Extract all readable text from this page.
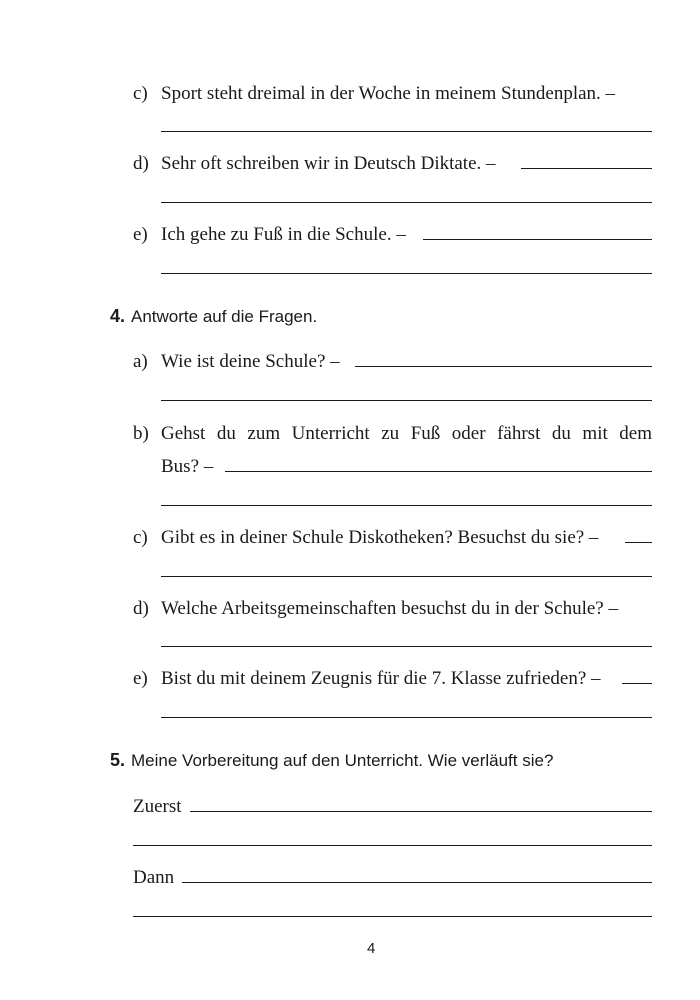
c) Sport steht dreimal in der Woche in meinem Stundenplan. –
d) Sehr oft schreiben wir in Deutsch Diktate. –
e) Ich gehe zu Fuß in die Schule. –
4. Antworte auf die Fragen.
a) Wie ist deine Schule? –
b) Gehst du zum Unterricht zu Fuß oder fährst du mit dem
Bus? –
c) Gibt es in deiner Schule Diskotheken? Besuchst du sie? –
d) Welche Arbeitsgemeinschaften besuchst du in der Schule? –
e) Bist du mit deinem Zeugnis für die 7. Klasse zufrieden? –
5. Meine Vorbereitung auf den Unterricht. Wie verläuft sie?
Zuerst
Dann
4
